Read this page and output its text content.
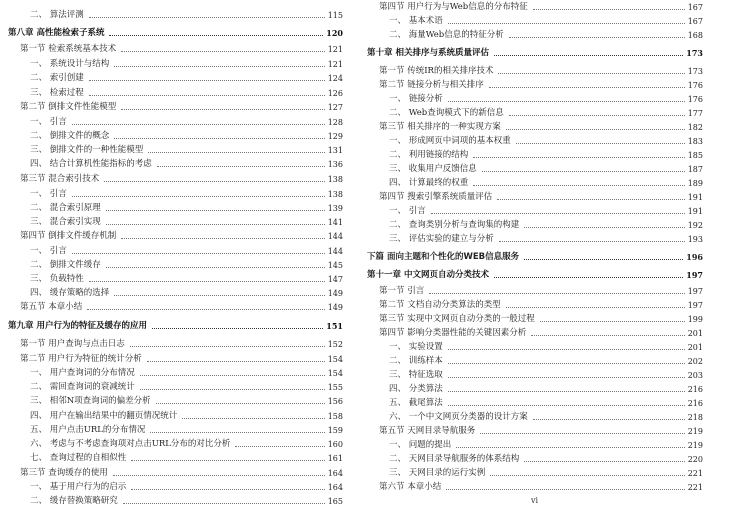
二、 算法评测	115
第八章 高性能检索子系统	120
第一节 检索系统基本技术	121
一、 系统设计与结构	121
二、 索引创建	124
三、 检索过程	126
第二节 倒排文件性能模型	127
一、 引言	128
二、 倒排文件的概念	129
三、 倒排文件的一种性能模型	131
四、 结合计算机性能指标的考虑	136
第三节 混合索引技术	138
一、 引言	138
二、 混合索引原理	139
三、 混合索引实现	141
第四节 倒排文件缓存机制	144
一、 引言	144
二、 倒排文件缓存	145
三、 负载特性	147
四、 缓存策略的选择	149
第五节 本章小结	149
第九章 用户行为的特征及缓存的应用	151
第一节 用户查询与点击日志	152
第二节 用户行为特征的统计分析	154
一、 用户查询词的分布情况	154
二、 需回查询词的衰减统计	155
三、 相邻N项查询词的偏差分析	156
四、 用户在输出结果中的翻页情况统计	158
五、 用户点击URL的分布情况	159
六、 考虑与不考虑查询项对点击URL分布的对比分析	160
七、 查询过程的自相似性	161
第三节 查询缓存的使用	164
一、 基于用户行为的启示	164
二、 缓存替换策略研究	165
第四节 用户行为与Web信息的分布特征	167
一、 基本术语	167
二、 海量Web信息的特征分析	168
第十章 相关排序与系统质量评估	173
第一节 传统IR的相关排序技术	173
第二节 链接分析与相关排序	176
一、 链接分析	176
二、 Web查询模式下的新信息	177
第三节 相关排序的一种实现方案	182
一、 形成网页中词项的基本权重	183
二、 利用链接的结构	185
三、 收集用户反馈信息	187
四、 计算最终的权重	189
第四节 搜索引擎系统质量评估	191
一、 引言	191
二、 查询类别分析与查询集的构建	192
三、 评估实验的建立与分析	193
下篇 面向主题和个性化的WEB信息服务	196
第十一章 中文网页自动分类技术	197
第一节 引言	197
第二节 文档自动分类算法的类型	197
第三节 实现中文网页自动分类的一般过程	199
第四节 影响分类器性能的关键因素分析	201
一、 实验设置	201
二、 训练样本	202
三、 特征选取	203
四、 分类算法	216
五、 截尾算法	216
六、 一个中文网页分类器的设计方案	218
第五节 天网目录导航服务	219
一、 问题的提出	219
二、 天网目录导航服务的体系结构	220
三、 天网目录的运行实例	221
第六节 本章小结	221
vi
